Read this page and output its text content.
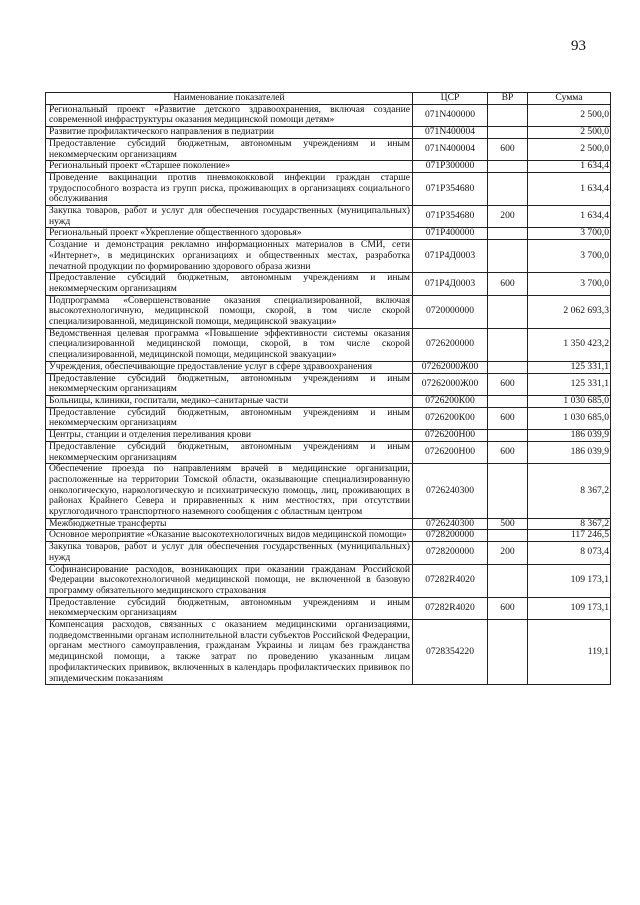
93
Наименование показателей	ЦСР	ВР	Сумма
Региональный проект «Развитие детского здравоохранения, включая создание современной инфраструктуры оказания медицинской помощи детям»	071N400000		2 500,0
Развитие профилактического направления в педиатрии	071N400004		2 500,0
Предоставление субсидий бюджетным, автономным учреждениям и иным некоммерческим организациям	071N400004	600	2 500,0
Региональный проект «Старшее поколение»	071P300000		1 634,4
Проведение вакцинации против пневмококковой инфекции граждан старше трудоспособного возраста из групп риска, проживающих в организациях социального обслуживания	071P354680		1 634,4
Закупка товаров, работ и услуг для обеспечения государственных (муниципальных) нужд	071P354680	200	1 634,4
Региональный проект «Укрепление общественного здоровья»	071P400000		3 700,0
Создание и демонстрация рекламно информационных материалов в СМИ, сети «Интернет», в медицинских организациях и общественных местах, разработка печатной продукции по формированию здорового образа жизни	071P4Д0003		3 700,0
Предоставление субсидий бюджетным, автономным учреждениям и иным некоммерческим организациям	071P4Д0003	600	3 700,0
Подпрограмма «Совершенствование оказания специализированной, включая высокотехнологичную, медицинской помощи, скорой, в том числе скорой специализированной, медицинской помощи, медицинской эвакуации»	0720000000		2 062 693,3
Ведомственная целевая программа «Повышение эффективности системы оказания специализированной медицинской помощи, скорой, в том числе скорой специализированной, медицинской помощи, медицинской эвакуации»	0726200000		1 350 423,2
Учреждения, обеспечивающие предоставление услуг в сфере здравоохранения	07262000Ж00		125 331,1
Предоставление субсидий бюджетным, автономным учреждениям и иным некоммерческим организациям	07262000Ж00	600	125 331,1
Больницы, клиники, госпитали, медико–санитарные части	0726200К00		1 030 685,0
Предоставление субсидий бюджетным, автономным учреждениям и иным некоммерческим организациям	0726200К00	600	1 030 685,0
Центры, станции и отделения переливания крови	0726200Н00		186 039,9
Предоставление субсидий бюджетным, автономным учреждениям и иным некоммерческим организациям	0726200Н00	600	186 039,9
Обеспечение проезда по направлениям врачей в медицинские организации, расположенные на территории Томской области, оказывающие специализированную онкологическую, наркологическую и психиатрическую помощь, лиц, проживающих в районах Крайнего Севера и приравненных к ним местностях, при отсутствии круглогодичного транспортного наземного сообщения с областным центром	0726240300		8 367,2
Межбюджетные трансферты	0726240300	500	8 367,2
Основное мероприятие «Оказание высокотехнологичных видов медицинской помощи»	0728200000		117 246,5
Закупка товаров, работ и услуг для обеспечения государственных (муниципальных) нужд	0728200000	200	8 073,4
Софинансирование расходов, возникающих при оказании гражданам Российской Федерации высокотехнологичной медицинской помощи, не включенной в базовую программу обязательного медицинского страхования	07282R4020		109 173,1
Предоставление субсидий бюджетным, автономным учреждениям и иным некоммерческим организациям	07282R4020	600	109 173,1
Компенсация расходов, связанных с оказанием медицинскими организациями, подведомственными органам исполнительной власти субъектов Российской Федерации, органам местного самоуправления, гражданам Украины и лицам без гражданства медицинской помощи, а также затрат по проведению указанным лицам профилактических прививок, включенных в календарь профилактических прививок по эпидемическим показаниям	0728354220		119,1
